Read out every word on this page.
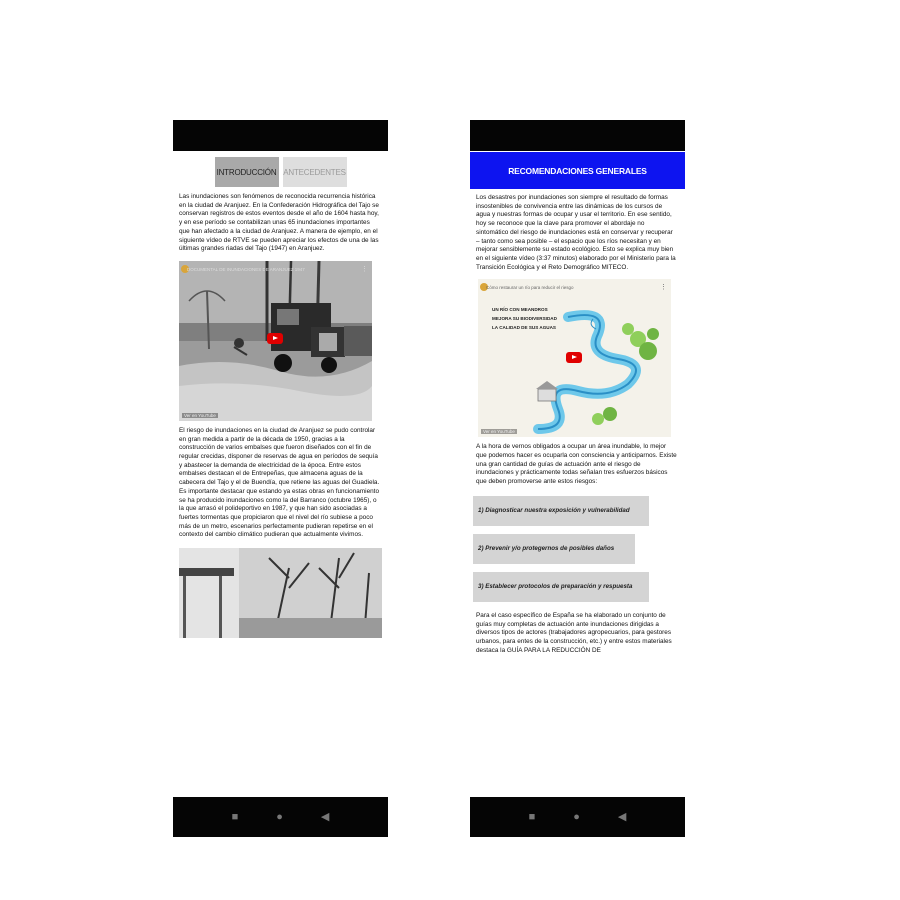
INTRODUCCIÓN ANTECEDENTES
Las inundaciones son fenómenos de reconocida recurrencia histórica en la ciudad de Aranjuez. En la Confederación Hidrográfica del Tajo se conservan registros de estos eventos desde el año de 1604 hasta hoy, y en ese período se contabilizan unas 65 inundaciones importantes que han afectado a la ciudad de Aranjuez. A manera de ejemplo, en el siguiente vídeo de RTVE se pueden apreciar los efectos de una de las últimas grandes riadas del Tajo (1947) en Aranjuez.
DOCUMENTAL DE INUNDACIONES DE ARANJUEZ 1947	⋮
Ver en YouTube
El riesgo de inundaciones en la ciudad de Aranjuez se pudo controlar en gran medida a partir de la década de 1950, gracias a la construcción de varios embalses que fueron diseñados con el fin de regular crecidas, disponer de reservas de agua en períodos de sequía y abastecer la demanda de electricidad de la época. Entre estos embalses destacan el de Entrepeñas, que almacena aguas de la cabecera del Tajo y el de Buendía, que retiene las aguas del Guadiela. Es importante destacar que estando ya estas obras en funcionamiento se ha producido inundaciones como la del Barranco (octubre 1965), o la que arrasó el polideportivo en 1987, y que han sido asociadas a fuertes tormentas que propiciaron que el nivel del río subiese a poco más de un metro, escenarios perfectamente pudieran repetirse en el contexto del cambio climático pudieran que actualmente vivimos.
■	●	◀
RECOMENDACIONES GENERALES
Los desastres por inundaciones son siempre el resultado de formas insostenibles de convivencia entre las dinámicas de los cursos de agua y nuestras formas de ocupar y usar el territorio. En ese sentido, hoy se reconoce que la clave para promover el abordaje no sintomático del riesgo de inundaciones está en conservar y recuperar – tanto como sea posible – el espacio que los ríos necesitan y en mejorar sensiblemente su estado ecológico. Esto se explica muy bien en el siguiente vídeo (3:37 minutos) elaborado por el Ministerio para la Transición Ecológica y el Reto Demográfico MITECO.
UN RÍO CON MEANDROS
MEJORA SU BIODIVERSIDAD
LA CALIDAD DE SUS AGUAS
Cómo restaurar un río para reducir el riesgo	⋮
Ver en YouTube
A la hora de vernos obligados a ocupar un área inundable, lo mejor que podemos hacer es ocuparla con consciencia y anticiparnos. Existe una gran cantidad de guías de actuación ante el riesgo de inundaciones y prácticamente todas señalan tres esfuerzos básicos que deben promoverse ante estos riesgos:
1) Diagnosticar nuestra exposición y vulnerabilidad
2) Prevenir y/o protegernos de posibles daños
3) Establecer protocolos de preparación y respuesta
Para el caso específico de España se ha elaborado un conjunto de guías muy completas de actuación ante inundaciones dirigidas a diversos tipos de actores (trabajadores agropecuarios, para gestores urbanos, para entes de la construcción, etc.) y entre estos materiales destaca la GUÍA PARA LA REDUCCIÓN DE
■	●	◀
